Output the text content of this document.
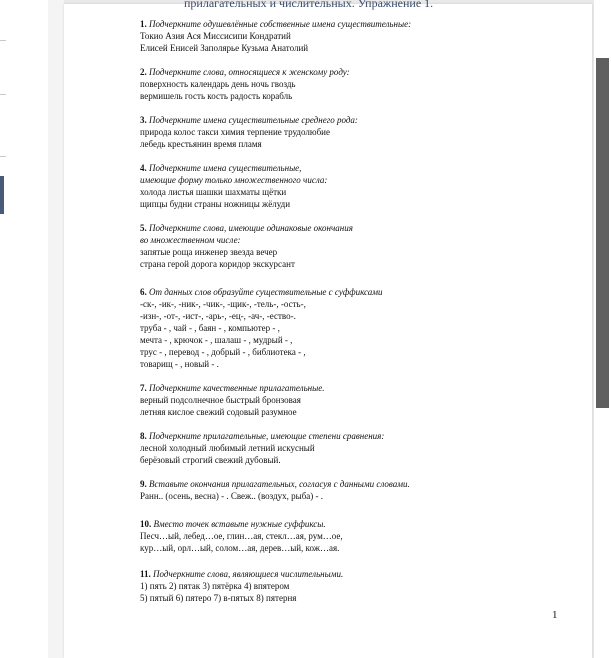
прилагательных и числительных. Упражнение 1.
1. Подчеркните одушевлённые собственные имена существительные:
Токио Азия Ася Миссисипи Кондратий
Елисей Енисей Заполярье Кузьма Анатолий
2. Подчеркните слова, относящиеся к женскому роду:
поверхность календарь день ночь гвоздь
вермишель гость кость радость корабль
3. Подчеркните имена существительные среднего рода:
природа колос такси химия терпение трудолюбие
лебедь крестьянин время пламя
4. Подчеркните имена существительные,
имеющие форму только множественного числа:
холода листья шашки шахматы щётки
щипцы будни страны ножницы жёлуди
5. Подчеркните слова, имеющие одинаковые окончания
во множественном числе:
запятые роща инженер звезда вечер
страна герой дорога коридор экскурсант
6. От данных слов образуйте существительные с суффиксами
-ск-, -ик-, -ник-, -чик-, -щик-, -тель-, -ость-,
-изн-, -от-, -ист-, -арь-, -ец-, -ач-, -ество-.
труба - , чай - , баян - , компьютер - ,
мечта - , крючок - , шалаш - , мудрый - ,
трус - , перевод - , добрый - , библиотека - ,
товарищ - , новый - .
7. Подчеркните качественные прилагательные.
верный подсолнечное быстрый бронзовая
летняя кислое свежий содовый разумное
8. Подчеркните прилагательные, имеющие степени сравнения:
лесной холодный любимый летний искусный
берёзовый строгий свежий дубовый.
9. Вставьте окончания прилагательных, согласуя с данными словами.
Ранн.. (осень, весна) - . Свеж.. (воздух, рыба) - .
10. Вместо точек вставьте нужные суффиксы.
Песч…ый, лебед…ое, глин…ая, стекл…ая, рум…ое,
кур…ый, орл…ый, солом…ая, дерев…ый, кож…ая.
11. Подчеркните слова, являющиеся числительными.
1) пять 2) пятак 3) пятёрка 4) впятером
5) пятый 6) пятеро 7) в-пятых 8) пятерня
1
